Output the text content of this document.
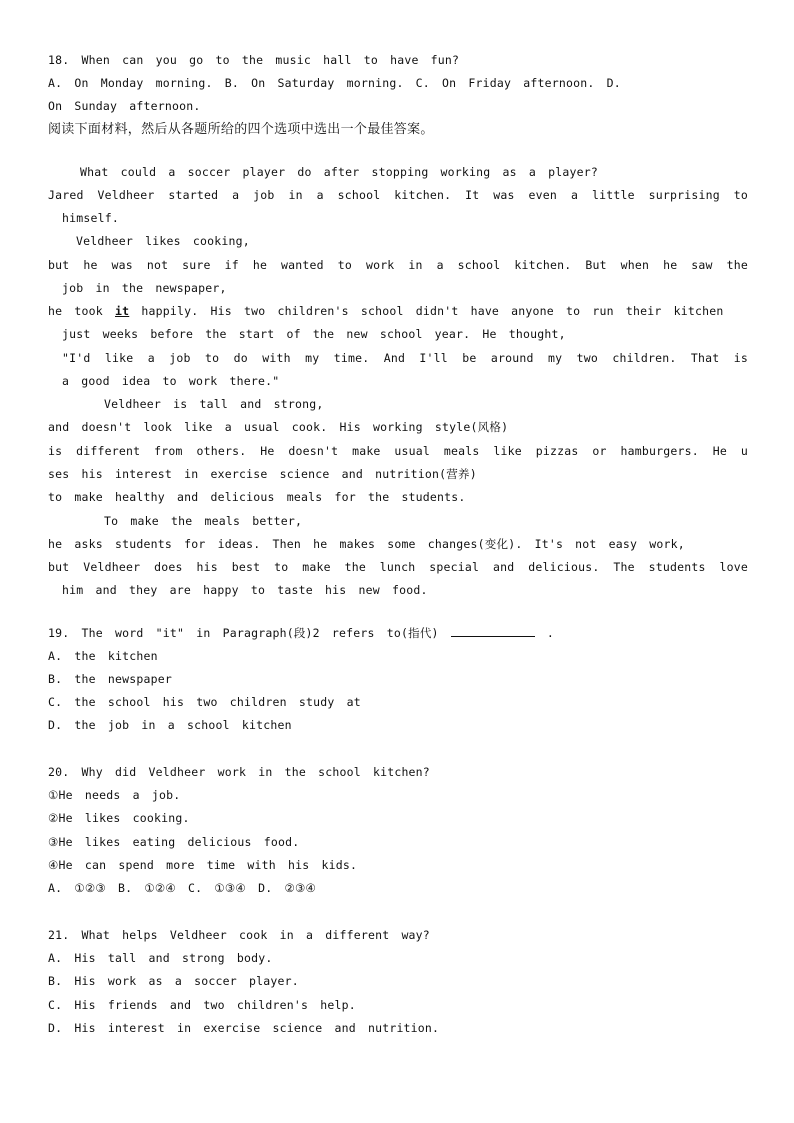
18. When can you go to the music hall to have fun?
A. On Monday morning. B. On Saturday morning. C. On Friday afternoon. D.
On Sunday afternoon.
阅读下面材料，然后从各题所给的四个选项中选出一个最佳答案。
What could a soccer player do after stopping working as a player?
Jared Veldheer started a job in a school kitchen. It was even a little surprising to
himself.
Veldheer likes cooking,
but he was not sure if he wanted to work in a school kitchen. But when he saw the
job in the newspaper,
he took it happily. His two children's school didn't have anyone to run their kitchen
just weeks before the start of the new school year. He thought,
"I'd like a job to do with my time. And I'll be around my two children. That is
a good idea to work there."
Veldheer is tall and strong,
and doesn't look like a usual cook. His working style(风格)
is different from others. He doesn't make usual meals like pizzas or hamburgers. He u
ses his interest in exercise science and nutrition(营养)
to make healthy and delicious meals for the students.
To make the meals better,
he asks students for ideas. Then he makes some changes(变化). It's not easy work,
but Veldheer does his best to make the lunch special and delicious. The students love
him and they are happy to taste his new food.
19. The word "it" in Paragraph(段)2 refers to(指代)	.
A. the kitchen
B. the newspaper
C. the school his two children study at
D. the job in a school kitchen
20. Why did Veldheer work in the school kitchen?
①He needs a job.
②He likes cooking.
③He likes eating delicious food.
④He can spend more time with his kids.
A. ①②③ B. ①②④ C. ①③④ D. ②③④
21. What helps Veldheer cook in a different way?
A. His tall and strong body.
B. His work as a soccer player.
C. His friends and two children's help.
D. His interest in exercise science and nutrition.
